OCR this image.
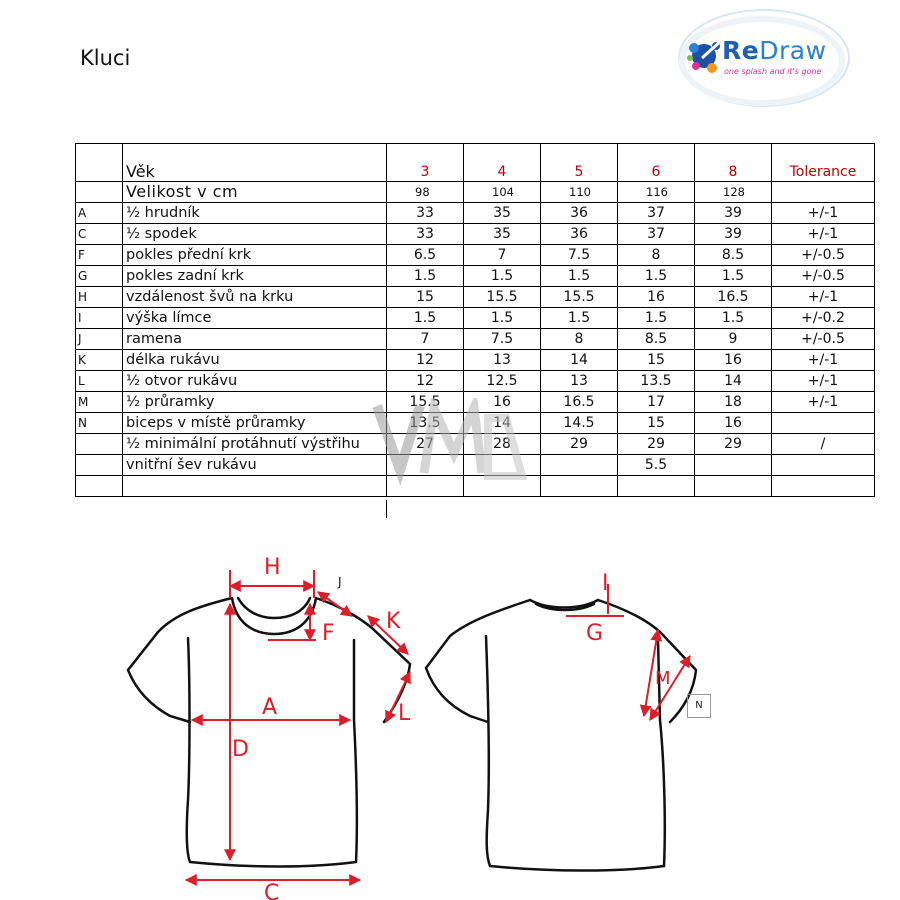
Kluci	ReDraw
one splash and it's gone
	Věk	3	4	5	6	8	Tolerance
	Velikost v cm	98	104	110	116	128	
A	½ hrudník	33	35	36	37	39	+/-1
C	½ spodek	33	35	36	37	39	+/-1
F	pokles přední krk	6.5	7	7.5	8	8.5	+/-0.5
G	pokles zadní krk	1.5	1.5	1.5	1.5	1.5	+/-0.5
H	vzdálenost švů na krku	15	15.5	15.5	16	16.5	+/-1
I	výška límce	1.5	1.5	1.5	1.5	1.5	+/-0.2
J	ramena	7	7.5	8	8.5	9	+/-0.5
K	délka rukávu	12	13	14	15	16	+/-1
L	½ otvor rukávu	12	12.5	13	13.5	14	+/-1
M	½ průramky	15.5	16	16.5	17	18	+/-1
N	biceps v místě průramky	13.5	14	14.5	15	16	
	½ minimální protáhnutí výstřihu	27	28	29	29	29	/
	vnitřní šev rukávu				5.5		

H
F K
A	L
D
C
I
G
M
J
N
